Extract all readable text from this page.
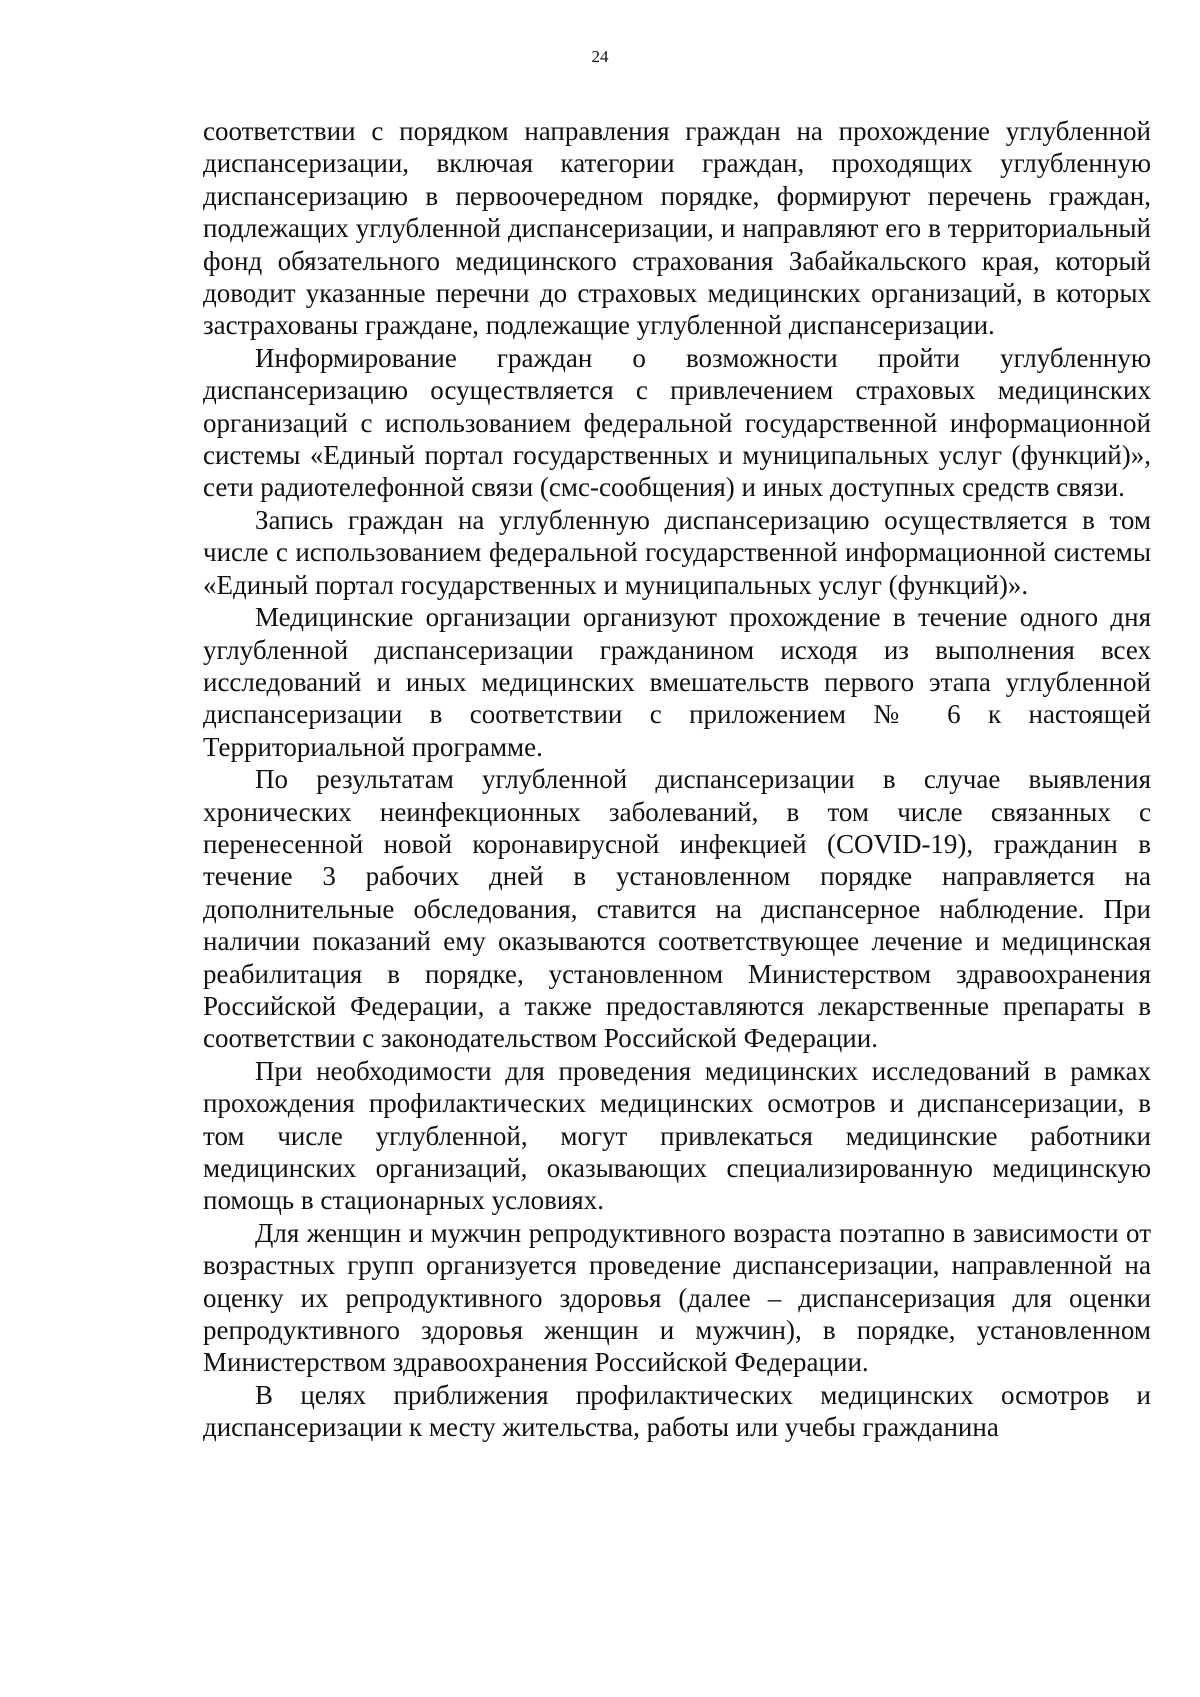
24

соответствии с порядком направления граждан на прохождение углубленной диспансеризации, включая категории граждан, проходящих углубленную диспансеризацию в первоочередном порядке, формируют перечень граждан, подлежащих углубленной диспансеризации, и направляют его в территориальный фонд обязательного медицинского страхования Забайкальского края, который доводит указанные перечни до страховых медицинских организаций, в которых застрахованы граждане, подлежащие углубленной диспансеризации.

Информирование граждан о возможности пройти углубленную диспансеризацию осуществляется с привлечением страховых медицинских организаций с использованием федеральной государственной информационной системы «Единый портал государственных и муниципальных услуг (функций)», сети радиотелефонной связи (смс-сообщения) и иных доступных средств связи.

Запись граждан на углубленную диспансеризацию осуществляется в том числе с использованием федеральной государственной информационной системы «Единый портал государственных и муниципальных услуг (функций)».

Медицинские организации организуют прохождение в течение одного дня углубленной диспансеризации гражданином исходя из выполнения всех исследований и иных медицинских вмешательств первого этапа углубленной диспансеризации в соответствии с приложением № 6 к настоящей Территориальной программе.

По результатам углубленной диспансеризации в случае выявления хронических неинфекционных заболеваний, в том числе связанных с перенесенной новой коронавирусной инфекцией (COVID-19), гражданин в течение 3 рабочих дней в установленном порядке направляется на дополнительные обследования, ставится на диспансерное наблюдение. При наличии показаний ему оказываются соответствующее лечение и медицинская реабилитация в порядке, установленном Министерством здравоохранения Российской Федерации, а также предоставляются лекарственные препараты в соответствии с законодательством Российской Федерации.

При необходимости для проведения медицинских исследований в рамках прохождения профилактических медицинских осмотров и диспансеризации, в том числе углубленной, могут привлекаться медицинские работники медицинских организаций, оказывающих специализированную медицинскую помощь в стационарных условиях.

Для женщин и мужчин репродуктивного возраста поэтапно в зависимости от возрастных групп организуется проведение диспансеризации, направленной на оценку их репродуктивного здоровья (далее – диспансеризация для оценки репродуктивного здоровья женщин и мужчин), в порядке, установленном Министерством здравоохранения Российской Федерации.

В целях приближения профилактических медицинских осмотров и диспансеризации к месту жительства, работы или учебы гражданина
